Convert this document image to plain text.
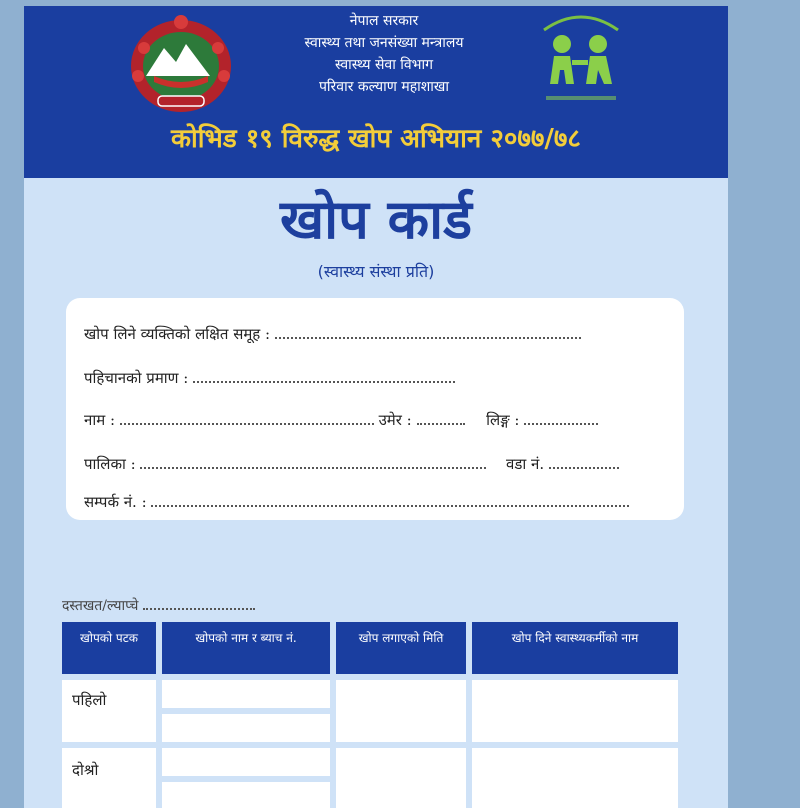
नेपाल सरकार
स्वास्थ्य तथा जनसंख्या मन्त्रालय
स्वास्थ्य सेवा विभाग
परिवार कल्याण महाशाखा
कोभिड १९ विरुद्ध खोप अभियान २०७७/७८
खोप कार्ड
(स्वास्थ्य संस्था प्रति)
खोप लिने व्यक्तिको लक्षित समूह :
पहिचानको प्रमाण :
नाम :	उमेर :	लिङ्ग :
पालिका :	वडा नं.
सम्पर्क नं. :
दस्तखत/ल्याप्चे
खोपको पटक	खोपको नाम र ब्याच नं.	खोप लगाएको मिति	खोप दिने स्वास्थ्यकर्मीको नाम
पहिलो
दोश्रो
